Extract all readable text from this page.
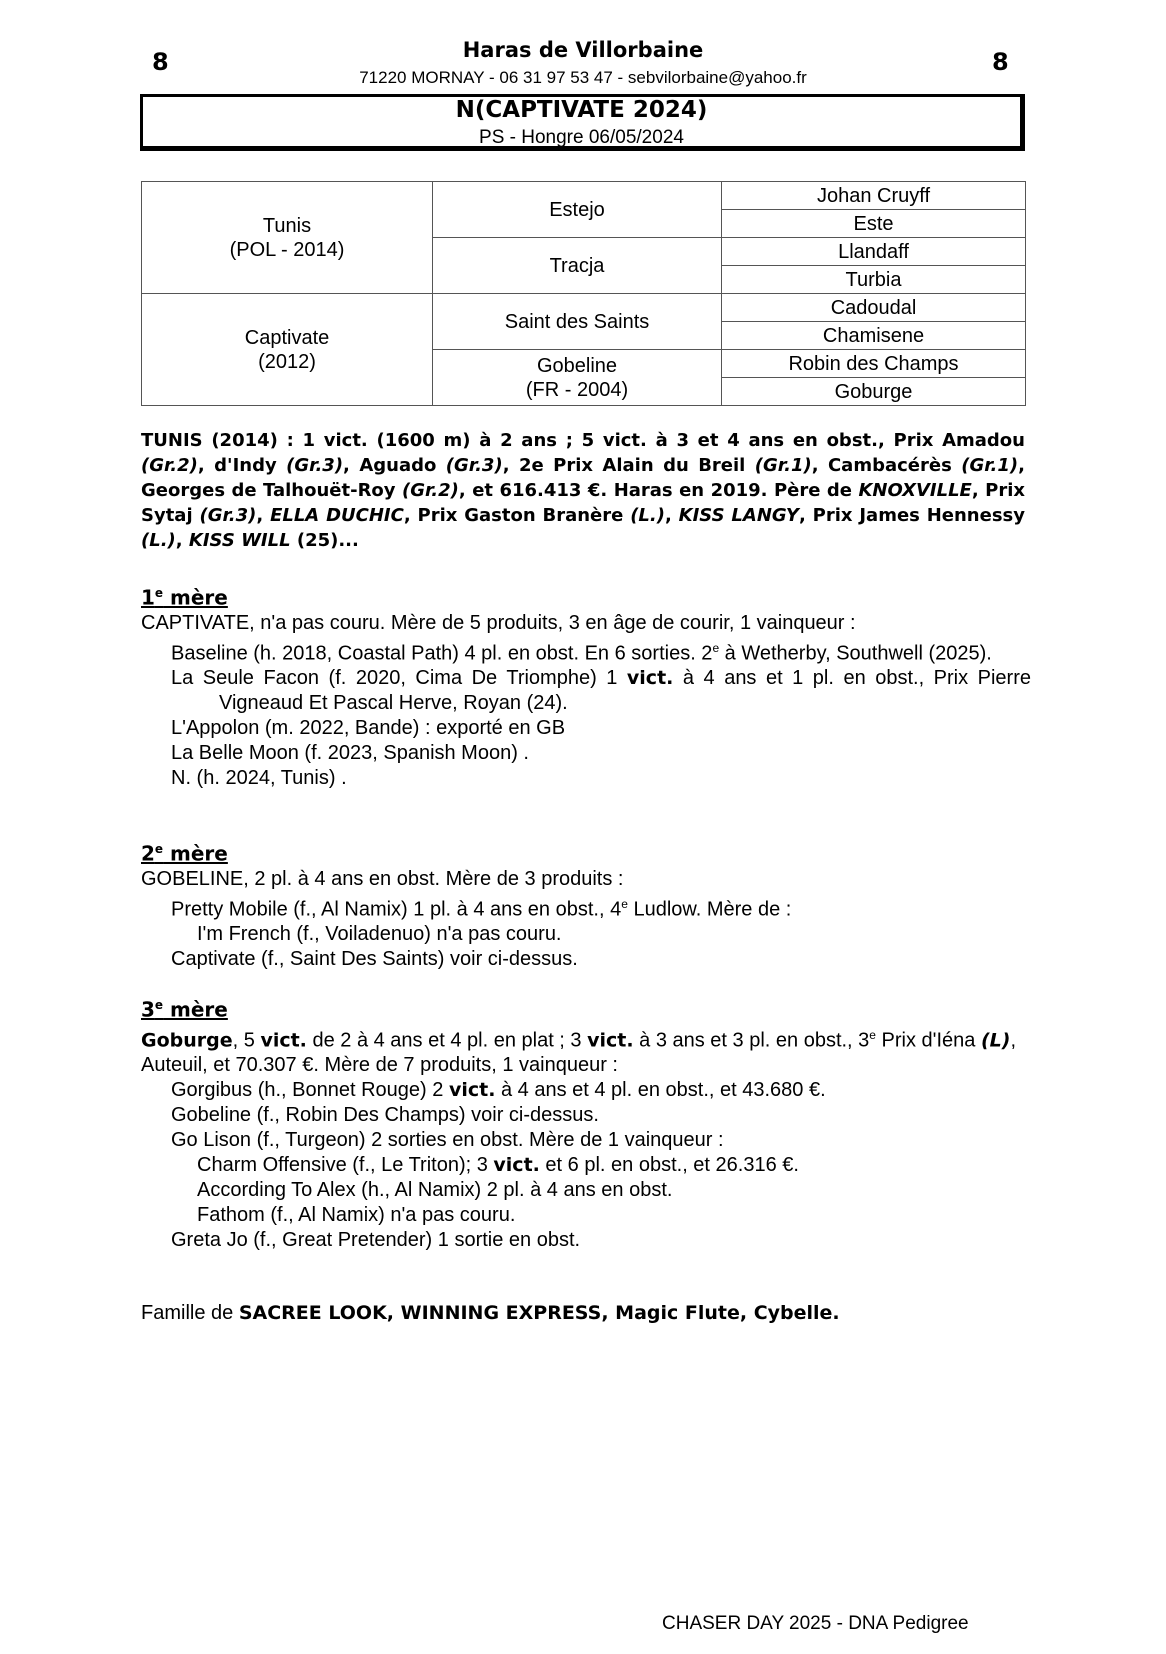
8	8
Haras de Villorbaine
71220 MORNAY - 06 31 97 53 47 - sebvilorbaine@yahoo.fr
N(CAPTIVATE 2024)
PS - Hongre 06/05/2024
Tunis
(POL - 2014)	Estejo	Johan Cruyff
		Este

	Tracja	Llandaff
		Turbia

Captivate
(2012)	Saint des Saints	Cadoudal
		Chamisene

	Gobeline
(FR - 2004)	Robin des Champs
		Goburge
TUNIS (2014) : 1 vict. (1600 m) à 2 ans ; 5 vict. à 3 et 4 ans en obst., Prix Amadou (Gr.2), d'Indy (Gr.3), Aguado (Gr.3), 2e Prix Alain du Breil (Gr.1), Cambacérès (Gr.1), Georges de Talhouët-Roy (Gr.2), et 616.413 €. Haras en 2019. Père de KNOXVILLE, Prix Sytaj (Gr.3), ELLA DUCHIC, Prix Gaston Branère (L.), KISS LANGY, Prix James Hennessy (L.), KISS WILL (25)...
1e mère

CAPTIVATE, n'a pas couru. Mère de 5 produits, 3 en âge de courir, 1 vainqueur :

Baseline (h. 2018, Coastal Path) 4 pl. en obst. En 6 sorties. 2e à Wetherby, Southwell (2025).

La Seule Facon (f. 2020, Cima De Triomphe) 1 vict. à 4 ans et 1 pl. en obst., Prix Pierre Vigneaud Et Pascal Herve, Royan (24).

L'Appolon (m. 2022, Bande) : exporté en GB

La Belle Moon (f. 2023, Spanish Moon) .

N. (h. 2024, Tunis) .

2e mère

GOBELINE, 2 pl. à 4 ans en obst. Mère de 3 produits :

Pretty Mobile (f., Al Namix) 1 pl. à 4 ans en obst., 4e Ludlow. Mère de :

I'm French (f., Voiladenuo) n'a pas couru.

Captivate (f., Saint Des Saints) voir ci-dessus.

3e mère

Goburge, 5 vict. de 2 à 4 ans et 4 pl. en plat ; 3 vict. à 3 ans et 3 pl. en obst., 3e Prix d'Iéna (L), Auteuil, et 70.307 €. Mère de 7 produits, 1 vainqueur :

Gorgibus (h., Bonnet Rouge) 2 vict. à 4 ans et 4 pl. en obst., et 43.680 €.

Gobeline (f., Robin Des Champs) voir ci-dessus.

Go Lison (f., Turgeon) 2 sorties en obst. Mère de 1 vainqueur :

Charm Offensive (f., Le Triton); 3 vict. et 6 pl. en obst., et 26.316 €.

According To Alex (h., Al Namix) 2 pl. à 4 ans en obst.

Fathom (f., Al Namix) n'a pas couru.

Greta Jo (f., Great Pretender) 1 sortie en obst.

Famille de SACREE LOOK, WINNING EXPRESS, Magic Flute, Cybelle.
CHASER DAY 2025 - DNA Pedigree
